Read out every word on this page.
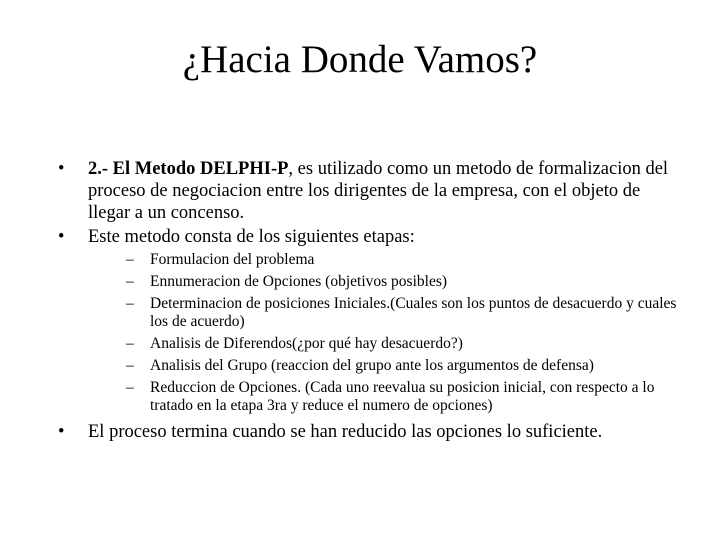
¿Hacia Donde Vamos?
• 2.- El Metodo DELPHI-P, es utilizado como un metodo de formalizacion del proceso de negociacion entre los dirigentes de la empresa, con el objeto de llegar a un concenso.
• Este metodo consta de los siguientes etapas:
– Formulacion del problema
– Ennumeracion de Opciones (objetivos posibles)
– Determinacion de posiciones Iniciales.(Cuales son los puntos de desacuerdo y cuales los de acuerdo)
– Analisis de Diferendos(¿por qué hay desacuerdo?)
– Analisis del Grupo (reaccion del grupo ante los argumentos de defensa)
– Reduccion de Opciones. (Cada uno reevalua su posicion inicial, con respecto a lo tratado en la etapa 3ra y reduce el numero de opciones)
• El proceso termina cuando se han reducido las opciones lo suficiente.
